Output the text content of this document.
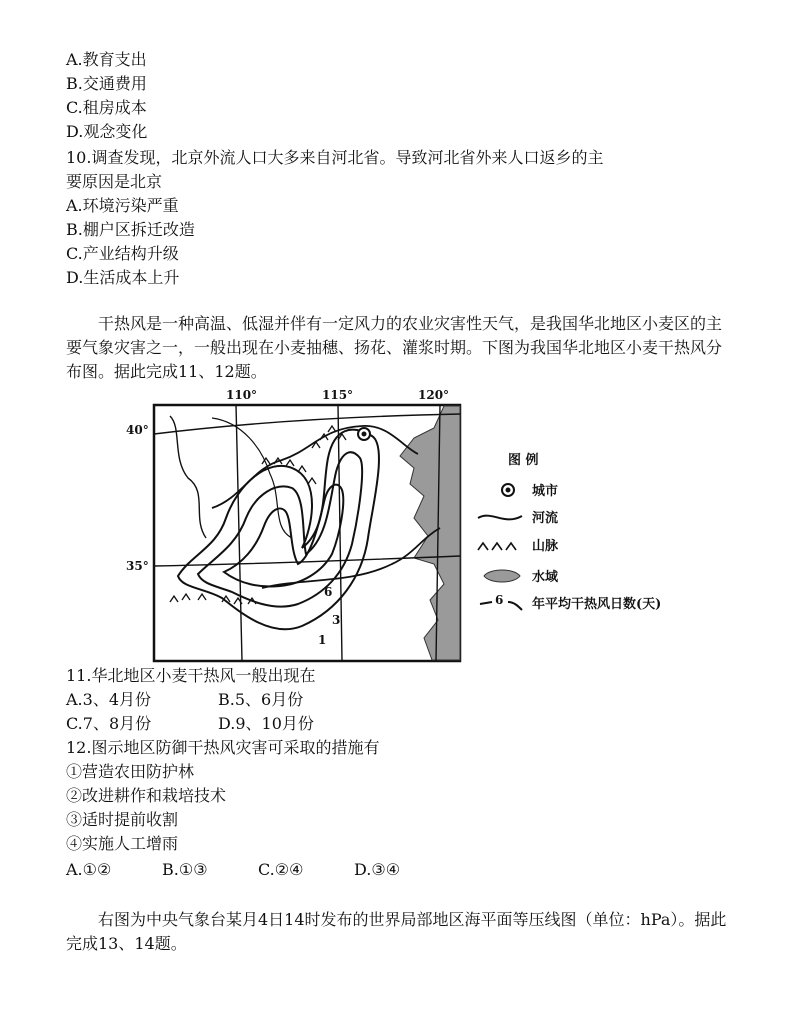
A.教育支出
B.交通费用
C.租房成本
D.观念变化
10.调查发现，北京外流人口大多来自河北省。导致河北省外来人口返乡的主
要原因是北京
A.环境污染严重
B.棚户区拆迁改造
C.产业结构升级
D.生活成本上升
干热风是一种高温、低湿并伴有一定风力的农业灾害性天气，是我国华北地区小麦区的主要气象灾害之一，一般出现在小麦抽穗、扬花、灌浆时期。下图为我国华北地区小麦干热风分布图。据此完成11、12题。
110°	115°	120°
40°
35°
6
3
1
图 例
城市
河流
山脉
水域
6 年平均干热风日数(天)
11.华北地区小麦干热风一般出现在
A.3、4月份	B.5、6月份
C.7、8月份	D.9、10月份
12.图示地区防御干热风灾害可采取的措施有
①营造农田防护林
②改进耕作和栽培技术
③适时提前收割
④实施人工增雨
A.①②	B.①③	C.②④	D.③④
右图为中央气象台某月4日14时发布的世界局部地区海平面等压线图（单位：hPa）。据此完成13、14题。
